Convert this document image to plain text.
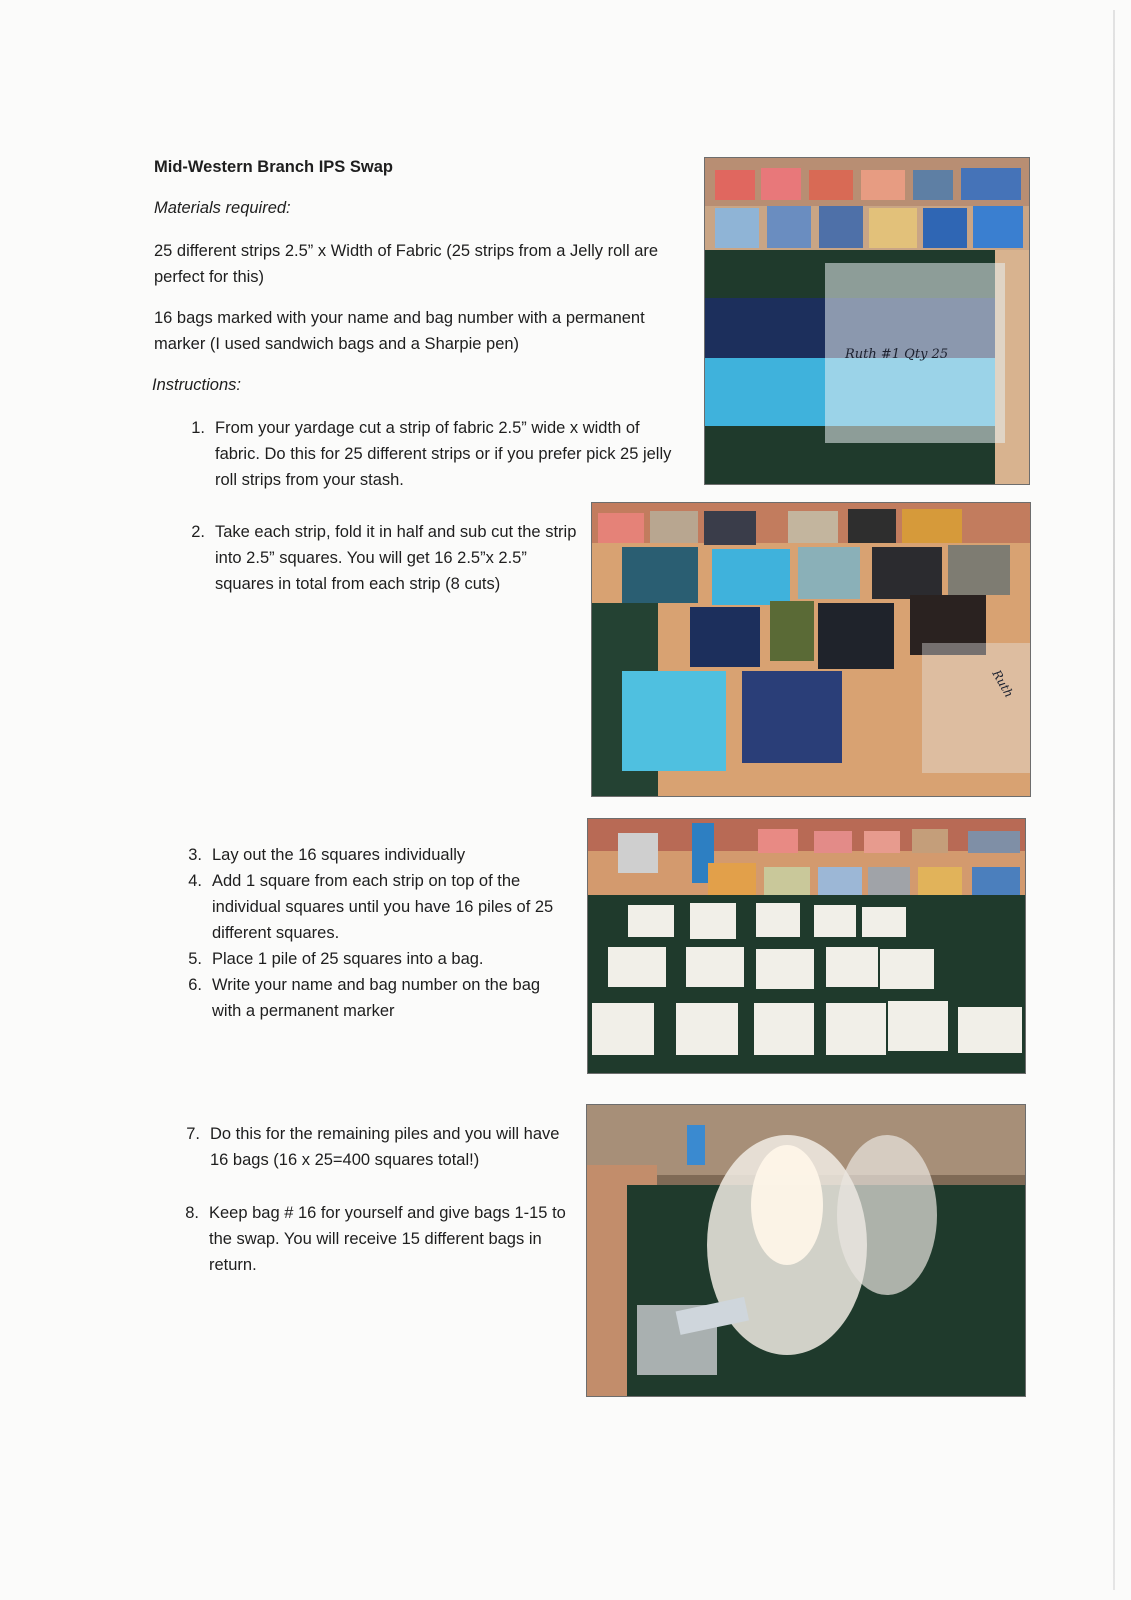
Mid-Western Branch IPS Swap

Materials required:

25 different strips 2.5” x Width of Fabric (25 strips from a Jelly roll are perfect for this)

16 bags marked with your name and bag number with a permanent marker (I used sandwich bags and a Sharpie pen)

Instructions:

1. From your yardage cut a strip of fabric 2.5” wide x width of fabric. Do this for 25 different strips or if you prefer pick 25 jelly roll strips from your stash.
2. Take each strip, fold it in half and sub cut the strip into 2.5” squares. You will get 16 2.5”x 2.5” squares in total from each strip (8 cuts)
3. Lay out the 16 squares individually
4. Add 1 square from each strip on top of the individual squares until you have 16 piles of 25 different squares.
5. Place 1 pile of 25 squares into a bag.
6. Write your name and bag number on the bag with a permanent marker
7. Do this for the remaining piles and you will have 16 bags (16 x 25=400 squares total!)
8. Keep bag # 16 for yourself and give bags 1-15 to the swap. You will receive 15 different bags in return.
Ruth #1 Qty 25
Ruth
